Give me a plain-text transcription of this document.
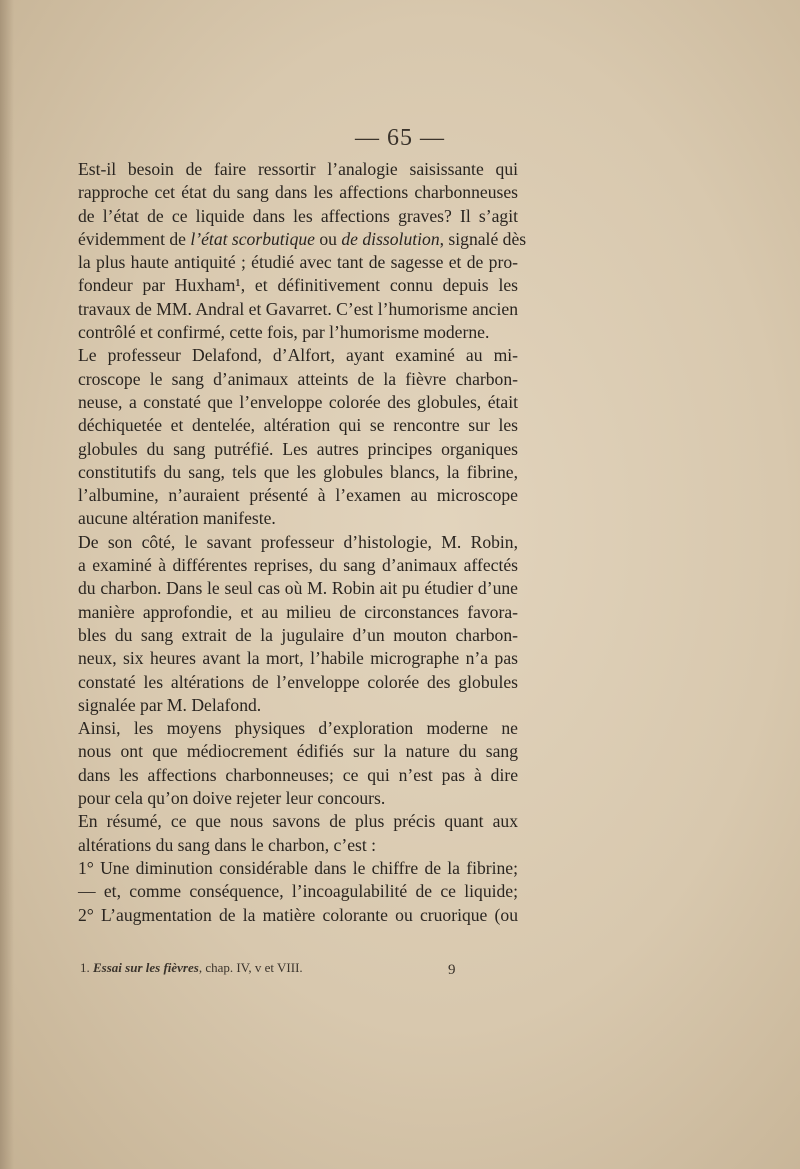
— 65 —
Est-il besoin de faire ressortir l’analogie saisissante qui
rapproche cet état du sang dans les affections charbonneuses
de l’état de ce liquide dans les affections graves? Il s’agit
évidemment de l’état scorbutique ou de dissolution, signalé dès
la plus haute antiquité ; étudié avec tant de sagesse et de pro-
fondeur par Huxham¹, et définitivement connu depuis les
travaux de MM. Andral et Gavarret. C’est l’humorisme ancien
contrôlé et confirmé, cette fois, par l’humorisme moderne.
Le professeur Delafond, d’Alfort, ayant examiné au mi-
croscope le sang d’animaux atteints de la fièvre charbon-
neuse, a constaté que l’enveloppe colorée des globules, était
déchiquetée et dentelée, altération qui se rencontre sur les
globules du sang putréfié. Les autres principes organiques
constitutifs du sang, tels que les globules blancs, la fibrine,
l’albumine, n’auraient présenté à l’examen au microscope
aucune altération manifeste.
De son côté, le savant professeur d’histologie, M. Robin,
a examiné à différentes reprises, du sang d’animaux affectés
du charbon. Dans le seul cas où M. Robin ait pu étudier d’une
manière approfondie, et au milieu de circonstances favora-
bles du sang extrait de la jugulaire d’un mouton charbon-
neux, six heures avant la mort, l’habile micrographe n’a pas
constaté les altérations de l’enveloppe colorée des globules
signalée par M. Delafond.
Ainsi, les moyens physiques d’exploration moderne ne
nous ont que médiocrement édifiés sur la nature du sang
dans les affections charbonneuses; ce qui n’est pas à dire
pour cela qu’on doive rejeter leur concours.
En résumé, ce que nous savons de plus précis quant aux
altérations du sang dans le charbon, c’est :
1° Une diminution considérable dans le chiffre de la fibrine;
— et, comme conséquence, l’incoagulabilité de ce liquide;
2° L’augmentation de la matière colorante ou cruorique (ou
1. Essai sur les fièvres, chap. IV, v et VIII.	9
